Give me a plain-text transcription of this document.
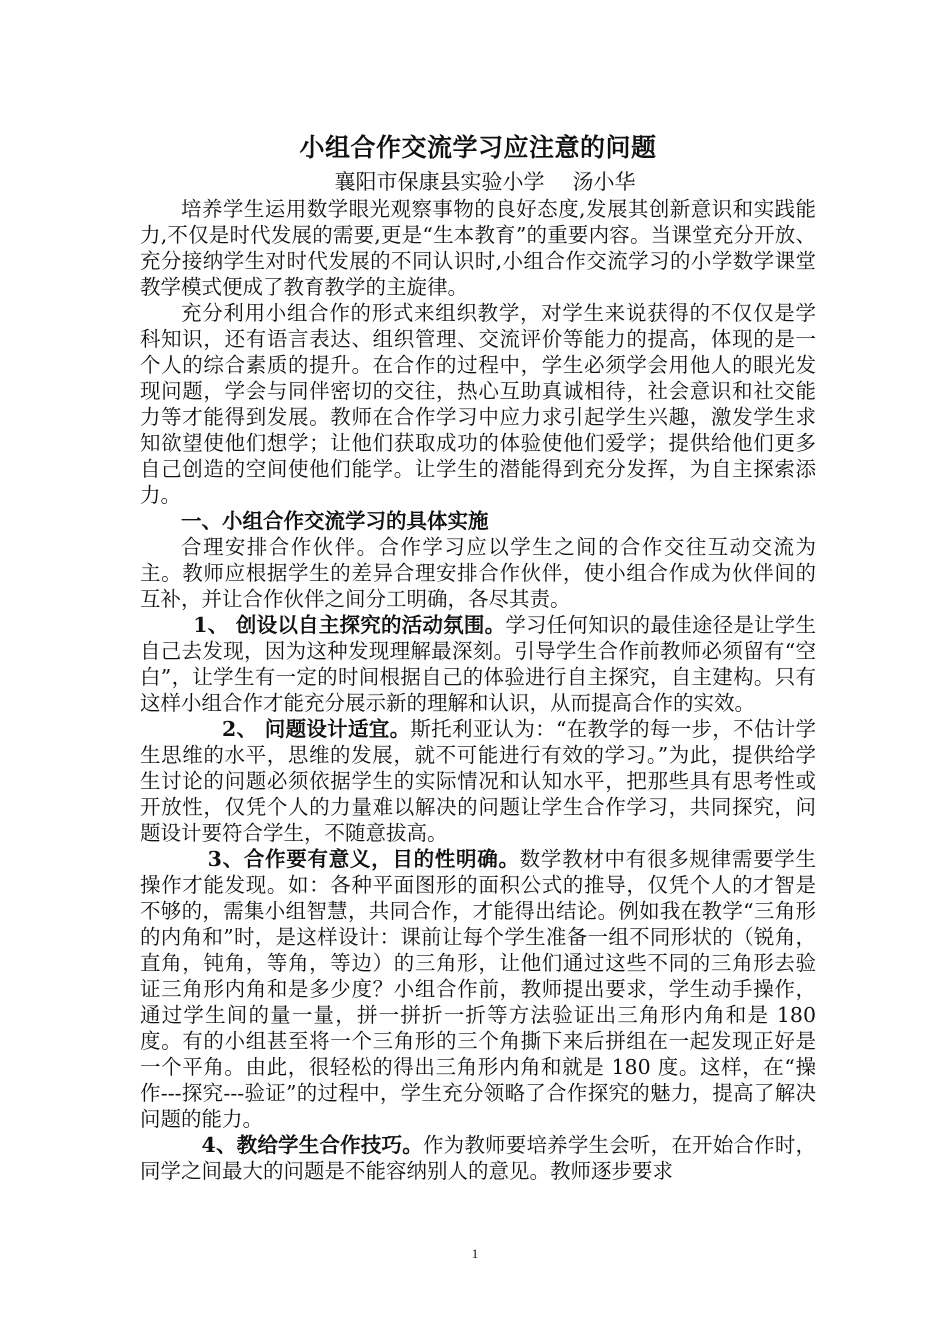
小组合作交流学习应注意的问题

襄阳市保康县实验小学 汤小华

培养学生运用数学眼光观察事物的良好态度,发展其创新意识和实践能力,不仅是时代发展的需要,更是“生本教育”的重要内容。当课堂充分开放、充分接纳学生对时代发展的不同认识时,小组合作交流学习的小学数学课堂教学模式便成了教育教学的主旋律。

充分利用小组合作的形式来组织教学，对学生来说获得的不仅仅是学科知识，还有语言表达、组织管理、交流评价等能力的提高，体现的是一个人的综合素质的提升。在合作的过程中，学生必须学会用他人的眼光发现问题，学会与同伴密切的交往，热心互助真诚相待，社会意识和社交能力等才能得到发展。教师在合作学习中应力求引起学生兴趣，激发学生求知欲望使他们想学；让他们获取成功的体验使他们爱学；提供给他们更多自己创造的空间使他们能学。让学生的潜能得到充分发挥，为自主探索添力。

一、小组合作交流学习的具体实施

合理安排合作伙伴。合作学习应以学生之间的合作交往互动交流为主。教师应根据学生的差异合理安排合作伙伴，使小组合作成为伙伴间的互补，并让合作伙伴之间分工明确，各尽其责。

1、 创设以自主探究的活动氛围。学习任何知识的最佳途径是让学生自己去发现，因为这种发现理解最深刻。引导学生合作前教师必须留有“空白”，让学生有一定的时间根据自己的体验进行自主探究，自主建构。只有这样小组合作才能充分展示新的理解和认识，从而提高合作的实效。

2、 问题设计适宜。斯托利亚认为：“在教学的每一步，不估计学生思维的水平，思维的发展，就不可能进行有效的学习。”为此，提供给学生讨论的问题必须依据学生的实际情况和认知水平，把那些具有思考性或开放性，仅凭个人的力量难以解决的问题让学生合作学习，共同探究，问题设计要符合学生，不随意拔高。

3、合作要有意义，目的性明确。数学教材中有很多规律需要学生操作才能发现。如：各种平面图形的面积公式的推导，仅凭个人的才智是不够的，需集小组智慧，共同合作，才能得出结论。例如我在教学“三角形的内角和”时，是这样设计：课前让每个学生准备一组不同形状的（锐角，直角，钝角，等角，等边）的三角形，让他们通过这些不同的三角形去验证三角形内角和是多少度？小组合作前，教师提出要求，学生动手操作，通过学生间的量一量，拼一拼折一折等方法验证出三角形内角和是 180 度。有的小组甚至将一个三角形的三个角撕下来后拼组在一起发现正好是一个平角。由此，很轻松的得出三角形内角和就是 180 度。这样，在“操作---探究---验证”的过程中，学生充分领略了合作探究的魅力，提高了解决问题的能力。

4、教给学生合作技巧。作为教师要培养学生会听，在开始合作时，同学之间最大的问题是不能容纳别人的意见。教师逐步要求

1
